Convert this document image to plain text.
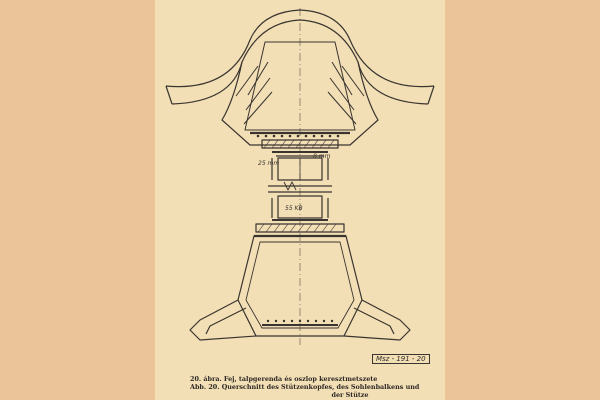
25 mm
8 mm
55 KB
Msz - 191 - 20
20. ábra. Fej, talpgerenda és oszlop keresztmetszete
Abb. 20. Querschnitt des Stützenkopfes, des Sohlenbalkens und
der Stütze
